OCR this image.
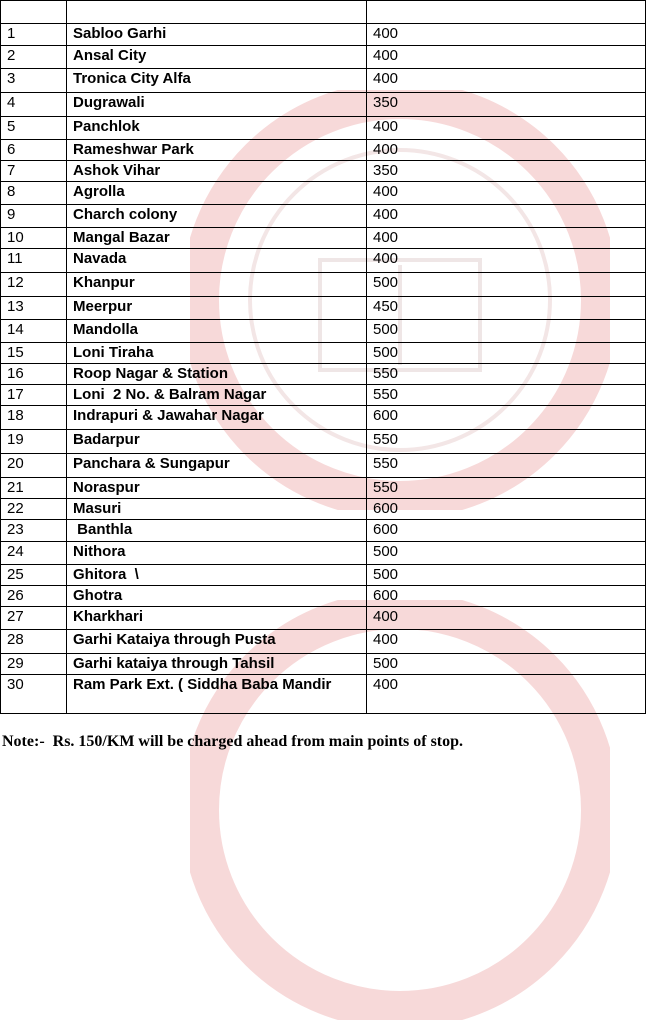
S.N	PLACE	RENT CHARGES
1	Sabloo Garhi	400
2	Ansal City	400
3	Tronica City Alfa	400
4	Dugrawali	350
5	Panchlok	400
6	Rameshwar Park	400
7	Ashok Vihar	350
8	Agrolla	400
9	Charch colony	400
10	Mangal Bazar	400
11	Navada	400
12	Khanpur	500
13	Meerpur	450
14	Mandolla	500
15	Loni Tiraha	500
16	Roop Nagar & Station	550
17	Loni  2 No. & Balram Nagar	550
18	Indrapuri & Jawahar Nagar	600
19	Badarpur	550
20	Panchara & Sungapur	550
21	Noraspur	550
22	Masuri	600
23	Banthla	600
24	Nithora	500
25	Ghitora  \	500
26	Ghotra	600
27	Kharkhari	400
28	Garhi Kataiya through Pusta	400
29	Garhi kataiya through Tahsil	500
30	Ram Park Ext. ( Siddha Baba Mandir	400
Note:-  Rs. 150/KM will be charged ahead from main points of stop.
